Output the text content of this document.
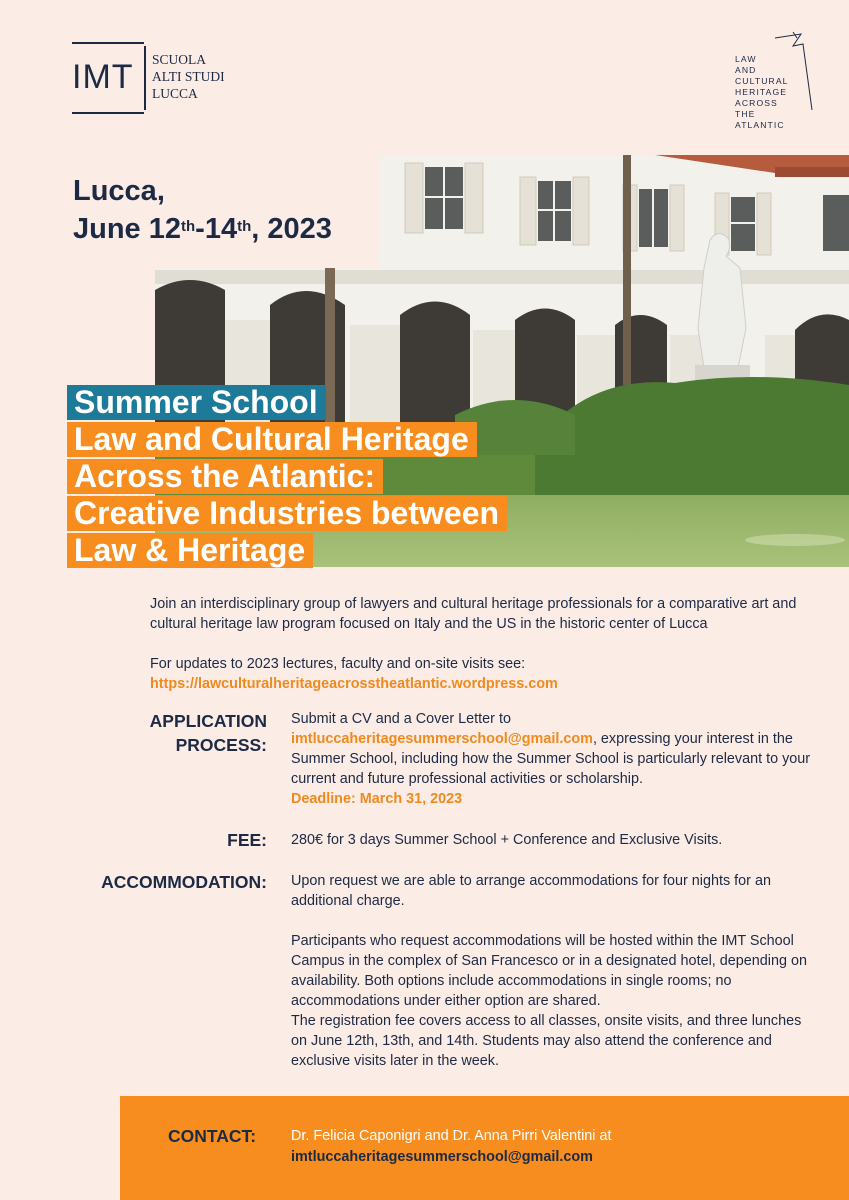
IMT SCUOLA
ALTI STUDI
LUCCA
LAW
AND
CULTURAL
HERITAGE
ACROSS
THE
ATLANTIC
Lucca,
June 12th-14th, 2023
Summer School
Law and Cultural Heritage
Across the Atlantic:
Creative Industries between
Law & Heritage
Join an interdisciplinary group of lawyers and cultural heritage professionals for a comparative art and cultural heritage law program focused on Italy and the US in the historic center of Lucca
For updates to 2023 lectures, faculty and on-site visits see:
https://lawculturalheritageacrosstheatlantic.wordpress.com
APPLICATION
PROCESS:
Submit a CV and a Cover Letter to
imtluccaheritagesummerschool@gmail.com, expressing your interest in the Summer School, including how the Summer School is particularly relevant to your current and future professional activities or scholarship.
Deadline: March 31, 2023
FEE: 280€ for 3 days Summer School + Conference and Exclusive Visits.
ACCOMMODATION: Upon request we are able to arrange accommodations for four nights for an additional charge.
Participants who request accommodations will be hosted within the IMT School Campus in the complex of San Francesco or in a designated hotel, depending on availability. Both options include accommodations in single rooms; no accommodations under either option are shared.
The registration fee covers access to all classes, onsite visits, and three lunches on June 12th, 13th, and 14th. Students may also attend the conference and exclusive visits later in the week.
CONTACT: Dr. Felicia Caponigri and Dr. Anna Pirri Valentini at
imtluccaheritagesummerschool@gmail.com
